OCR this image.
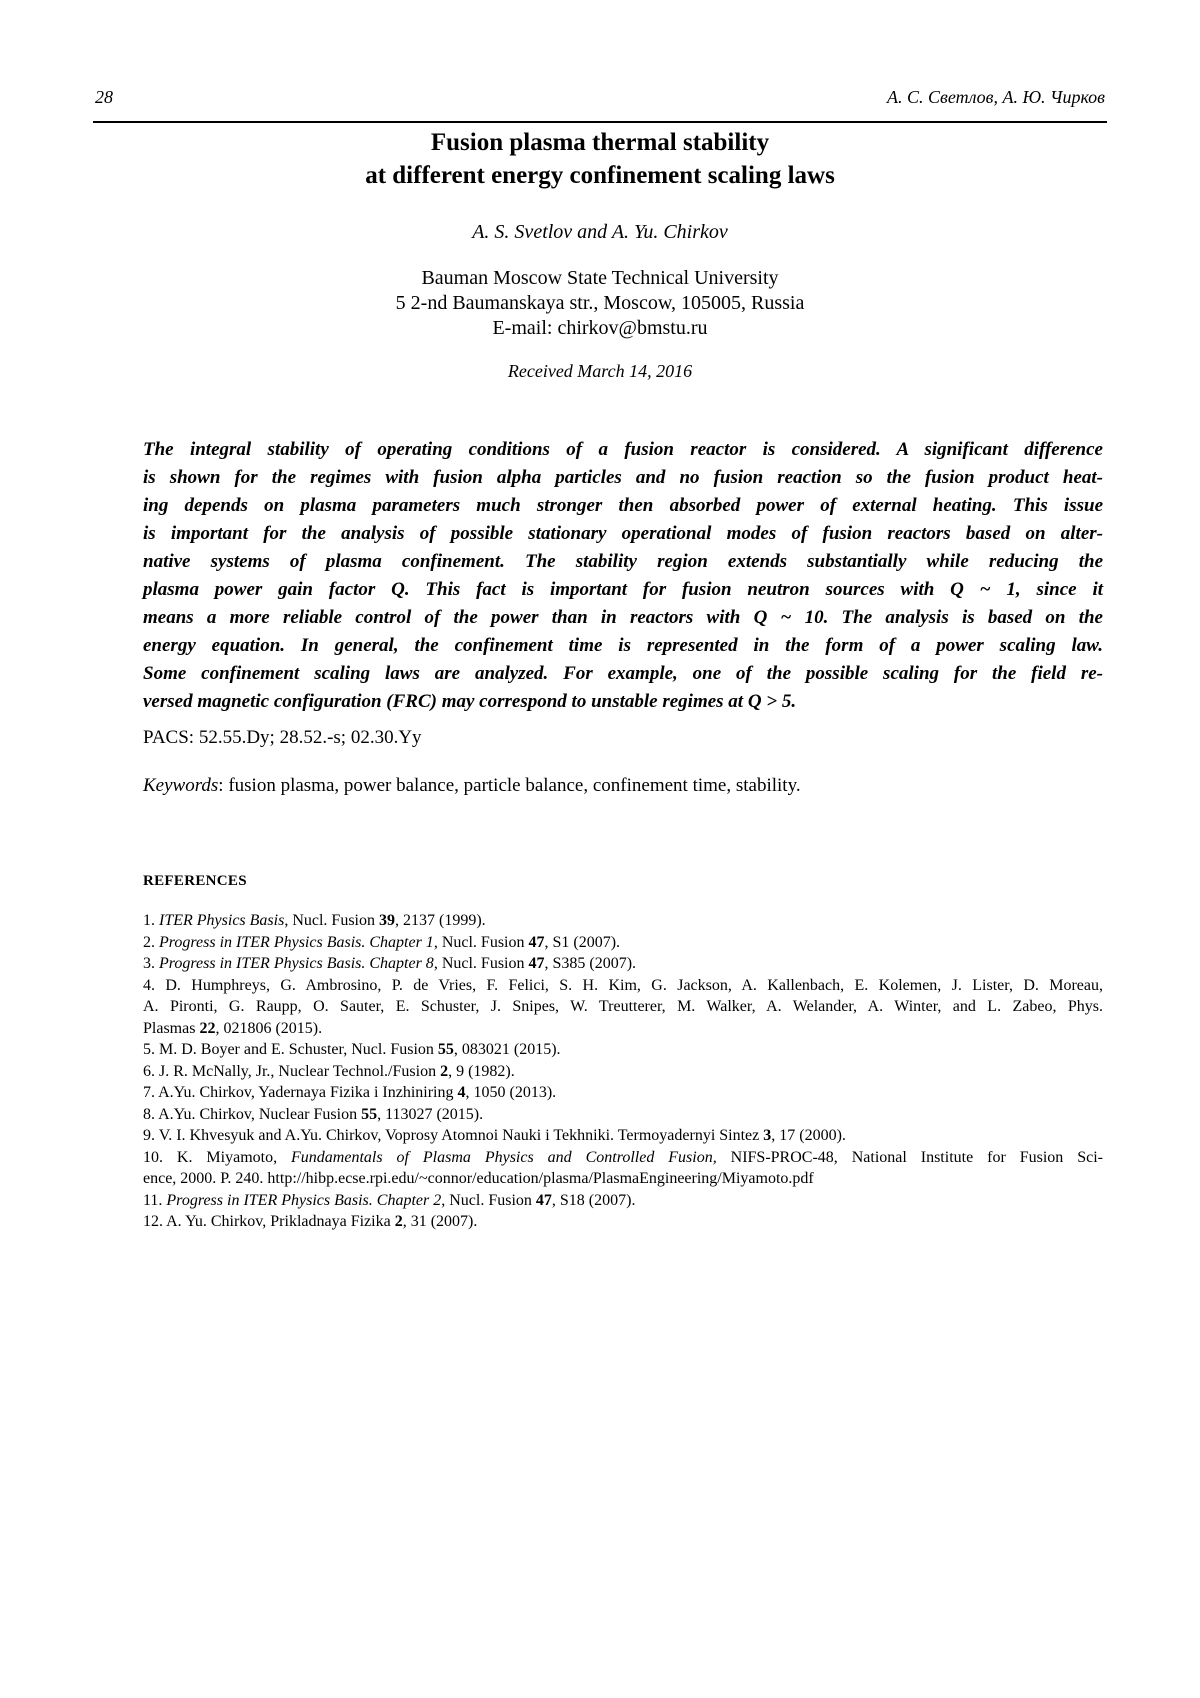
28	А. С. Светлов, А. Ю. Чирков
Fusion plasma thermal stability
at different energy confinement scaling laws
A. S. Svetlov and A. Yu. Chirkov
Bauman Moscow State Technical University
5 2-nd Baumanskaya str., Moscow, 105005, Russia
E-mail: chirkov@bmstu.ru
Received March 14, 2016
The integral stability of operating conditions of a fusion reactor is considered. A significant difference
is shown for the regimes with fusion alpha particles and no fusion reaction so the fusion product heat-
ing depends on plasma parameters much stronger then absorbed power of external heating. This issue
is important for the analysis of possible stationary operational modes of fusion reactors based on alter-
native systems of plasma confinement. The stability region extends substantially while reducing the
plasma power gain factor Q. This fact is important for fusion neutron sources with Q ~ 1, since it
means a more reliable control of the power than in reactors with Q ~ 10. The analysis is based on the
energy equation. In general, the confinement time is represented in the form of a power scaling law.
Some confinement scaling laws are analyzed. For example, one of the possible scaling for the field re-
versed magnetic configuration (FRC) may correspond to unstable regimes at Q > 5.
PACS: 52.55.Dy; 28.52.-s; 02.30.Yy
Keywords: fusion plasma, power balance, particle balance, confinement time, stability.
REFERENCES
1. ITER Physics Basis, Nucl. Fusion 39, 2137 (1999).
2. Progress in ITER Physics Basis. Chapter 1, Nucl. Fusion 47, S1 (2007).
3. Progress in ITER Physics Basis. Chapter 8, Nucl. Fusion 47, S385 (2007).
4. D. Humphreys, G. Ambrosino, P. de Vries, F. Felici, S. H. Kim, G. Jackson, A. Kallenbach, E. Kolemen, J. Lister, D. Moreau,
A. Pironti, G. Raupp, O. Sauter, E. Schuster, J. Snipes, W. Treutterer, M. Walker, A. Welander, A. Winter, and L. Zabeo, Phys.
Plasmas 22, 021806 (2015).
5. M. D. Boyer and E. Schuster, Nucl. Fusion 55, 083021 (2015).
6. J. R. McNally, Jr., Nuclear Technol./Fusion 2, 9 (1982).
7. A.Yu. Chirkov, Yadernaya Fizika i Inzhiniring 4, 1050 (2013).
8. A.Yu. Chirkov, Nuclear Fusion 55, 113027 (2015).
9. V. I. Khvesyuk and A.Yu. Chirkov, Voprosy Atomnoi Nauki i Tekhniki. Termoyadernyi Sintez 3, 17 (2000).
10. K. Miyamoto, Fundamentals of Plasma Physics and Controlled Fusion, NIFS-PROC-48, National Institute for Fusion Sci-
ence, 2000. P. 240. http://hibp.ecse.rpi.edu/~connor/education/plasma/PlasmaEngineering/Miyamoto.pdf
11. Progress in ITER Physics Basis. Chapter 2, Nucl. Fusion 47, S18 (2007).
12. A. Yu. Chirkov, Prikladnaya Fizika 2, 31 (2007).
